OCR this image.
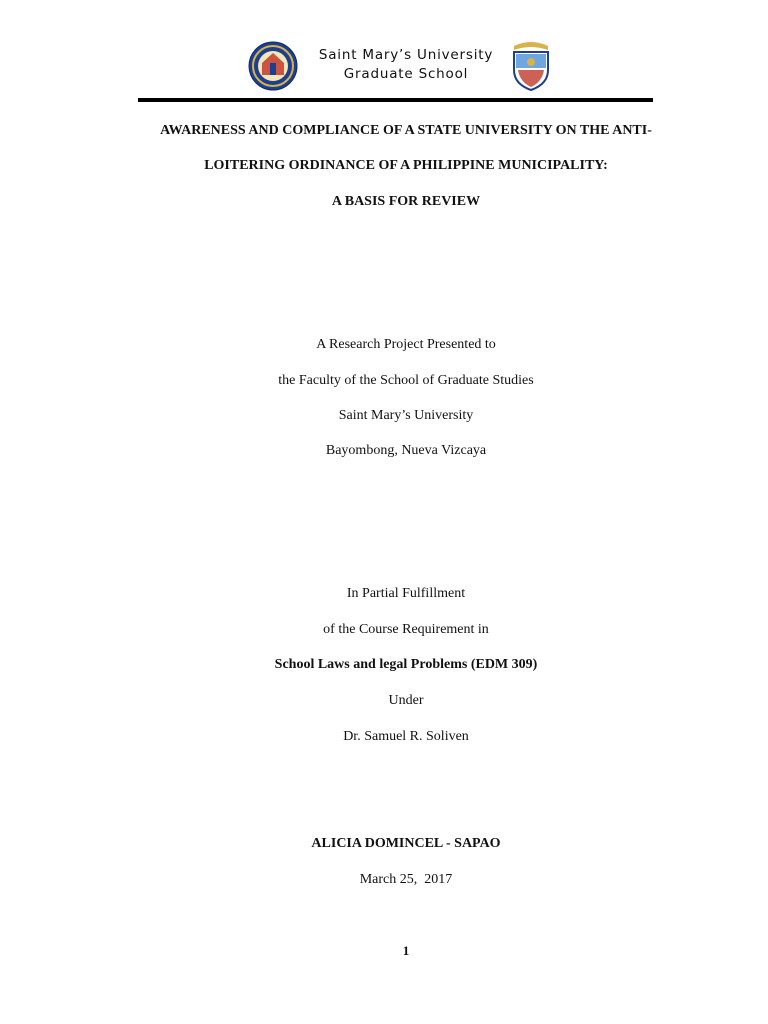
Saint Mary’s University
Graduate School
AWARENESS AND COMPLIANCE OF A STATE UNIVERSITY ON THE ANTI-
LOITERING ORDINANCE OF A PHILIPPINE MUNICIPALITY:
A BASIS FOR REVIEW
A Research Project Presented to
the Faculty of the School of Graduate Studies
Saint Mary’s University
Bayombong, Nueva Vizcaya
In Partial Fulfillment
of the Course Requirement in
School Laws and legal Problems (EDM 309)
Under
Dr. Samuel R. Soliven
ALICIA DOMINCEL - SAPAO
March 25,  2017
1
